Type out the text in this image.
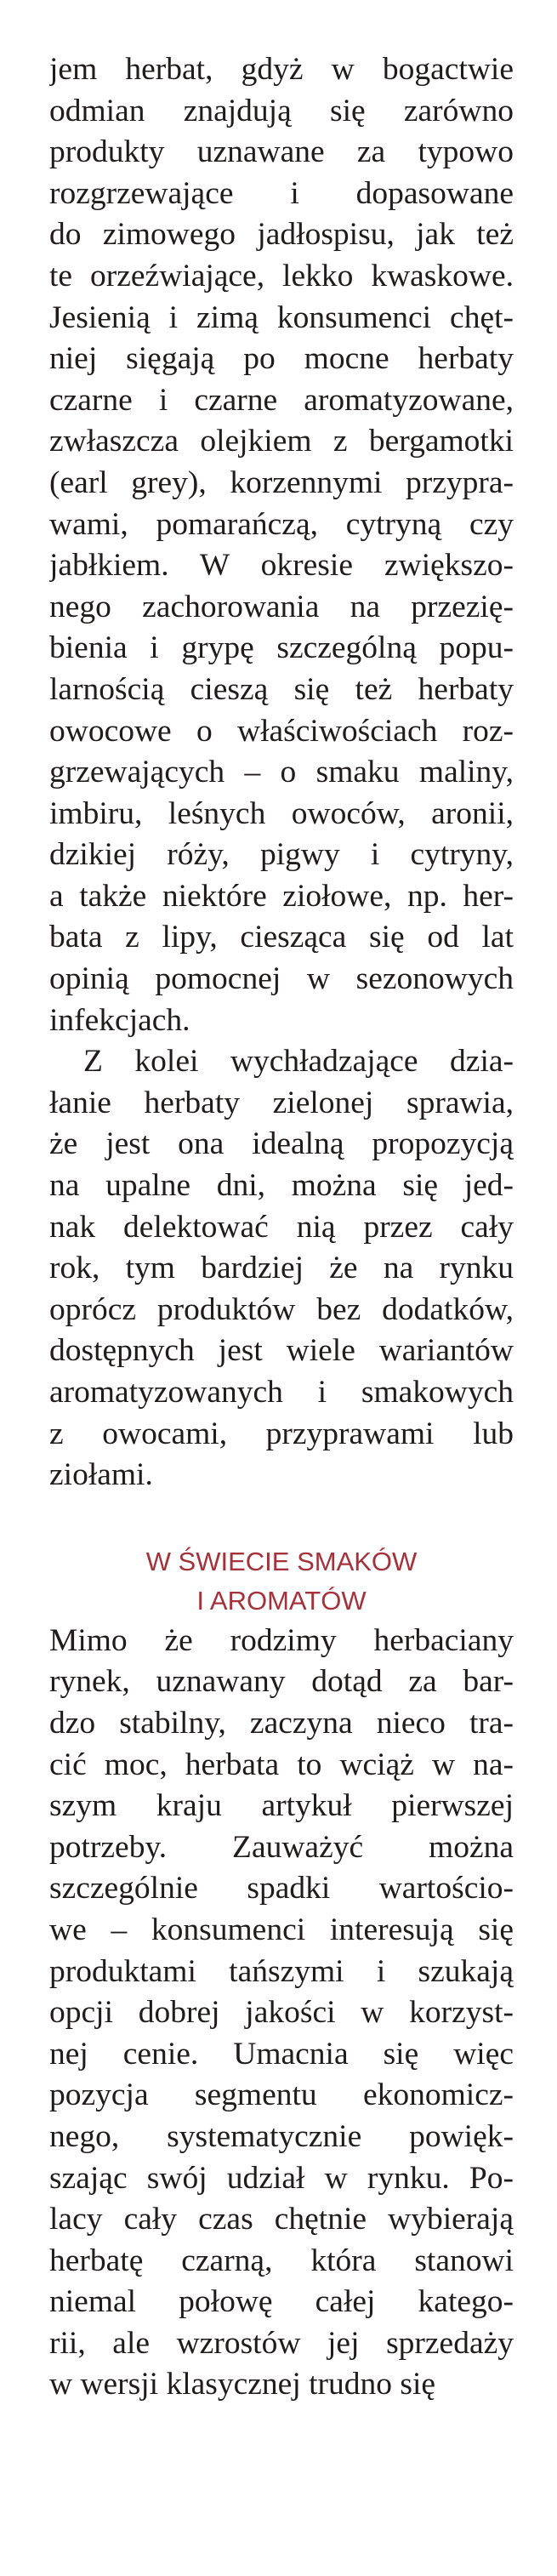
jem herbat, gdyż w bogactwie
odmian znajdują się zarówno
produkty uznawane za typowo
rozgrzewające i dopasowane
do zimowego jadłospisu, jak też
te orzeźwiające, lekko kwaskowe.
Jesienią i zimą konsumenci chęt-
niej sięgają po mocne herbaty
czarne i czarne aromatyzowane,
zwłaszcza olejkiem z bergamotki
(earl grey), korzennymi przypra-
wami, pomarańczą, cytryną czy
jabłkiem. W okresie zwiększo-
nego zachorowania na przezię-
bienia i grypę szczególną popu-
larnością cieszą się też herbaty
owocowe o właściwościach roz-
grzewających – o smaku maliny,
imbiru, leśnych owoców, aronii,
dzikiej róży, pigwy i cytryny,
a także niektóre ziołowe, np. her-
bata z lipy, ciesząca się od lat
opinią pomocnej w sezonowych
infekcjach.
Z kolei wychładzające dzia-
łanie herbaty zielonej sprawia,
że jest ona idealną propozycją
na upalne dni, można się jed-
nak delektować nią przez cały
rok, tym bardziej że na rynku
oprócz produktów bez dodatków,
dostępnych jest wiele wariantów
aromatyzowanych i smakowych
z owocami, przyprawami lub
ziołami.
W ŚWIECIE SMAKÓW
I AROMATÓW
Mimo że rodzimy herbaciany
rynek, uznawany dotąd za bar-
dzo stabilny, zaczyna nieco tra-
cić moc, herbata to wciąż w na-
szym kraju artykuł pierwszej
potrzeby. Zauważyć można
szczególnie spadki wartościo-
we – konsumenci interesują się
produktami tańszymi i szukają
opcji dobrej jakości w korzyst-
nej cenie. Umacnia się więc
pozycja segmentu ekonomicz-
nego, systematycznie powięk-
szając swój udział w rynku. Po-
lacy cały czas chętnie wybierają
herbatę czarną, która stanowi
niemal połowę całej katego-
rii, ale wzrostów jej sprzedaży
w wersji klasycznej trudno się
